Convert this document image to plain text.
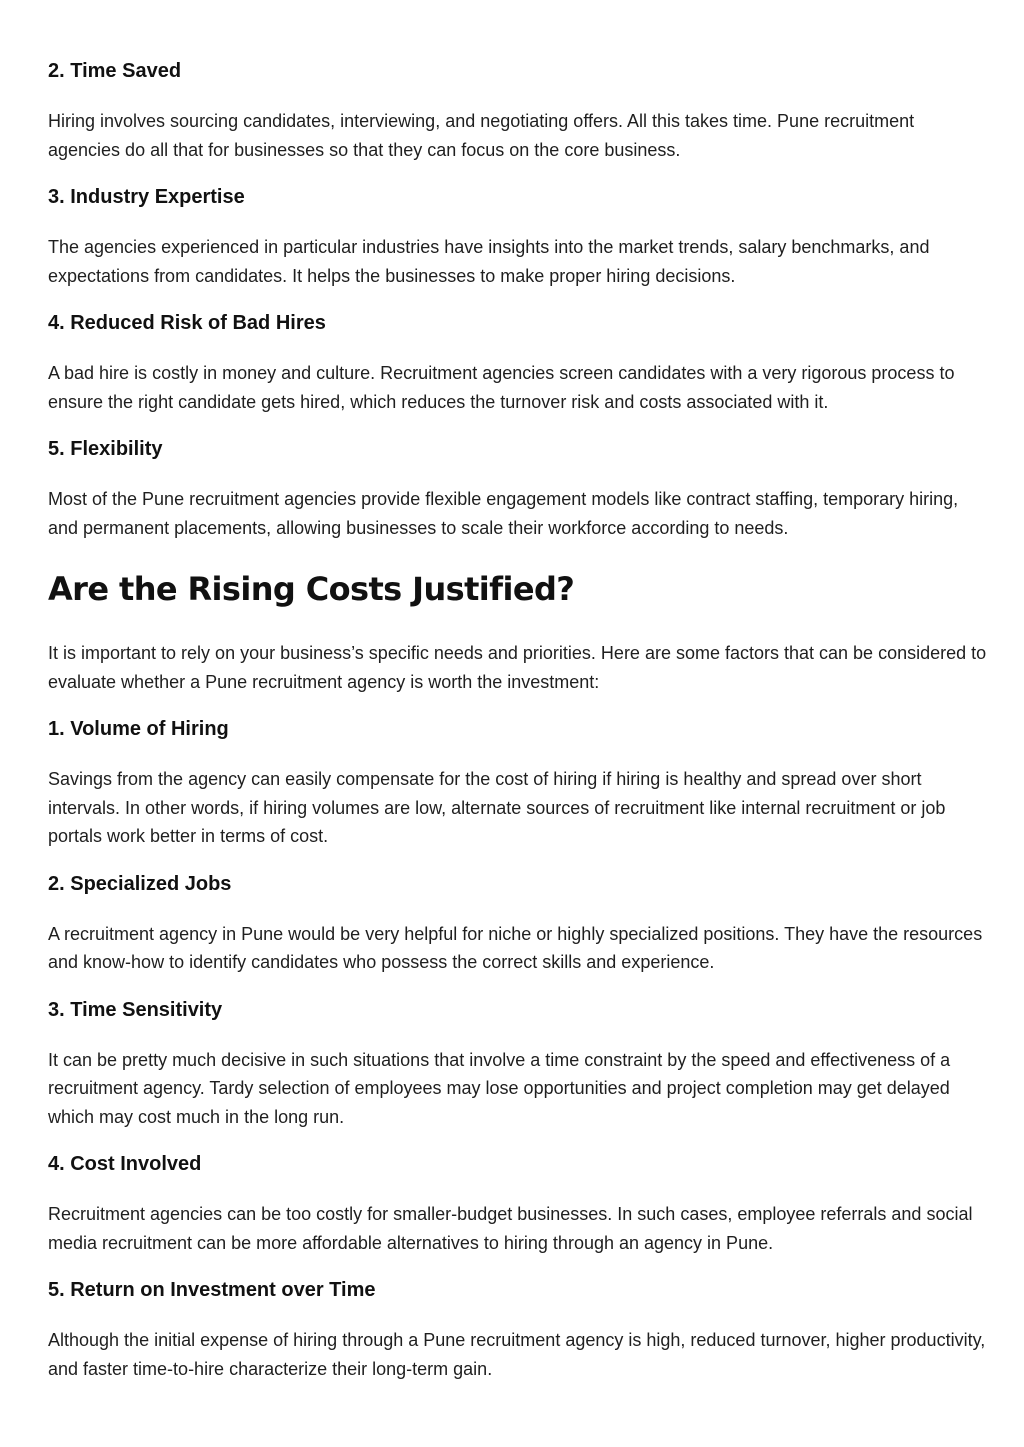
2. Time Saved

Hiring involves sourcing candidates, interviewing, and negotiating offers. All this takes time. Pune recruitment agencies do all that for businesses so that they can focus on the core business.

3. Industry Expertise

The agencies experienced in particular industries have insights into the market trends, salary benchmarks, and expectations from candidates. It helps the businesses to make proper hiring decisions.

4. Reduced Risk of Bad Hires

A bad hire is costly in money and culture. Recruitment agencies screen candidates with a very rigorous process to ensure the right candidate gets hired, which reduces the turnover risk and costs associated with it.

5. Flexibility

Most of the Pune recruitment agencies provide flexible engagement models like contract staffing, temporary hiring, and permanent placements, allowing businesses to scale their workforce according to needs.

Are the Rising Costs Justified?

It is important to rely on your business’s specific needs and priorities. Here are some factors that can be considered to evaluate whether a Pune recruitment agency is worth the investment:

1. Volume of Hiring

Savings from the agency can easily compensate for the cost of hiring if hiring is healthy and spread over short intervals. In other words, if hiring volumes are low, alternate sources of recruitment like internal recruitment or job portals work better in terms of cost.

2. Specialized Jobs

A recruitment agency in Pune would be very helpful for niche or highly specialized positions. They have the resources and know-how to identify candidates who possess the correct skills and experience.

3. Time Sensitivity

It can be pretty much decisive in such situations that involve a time constraint by the speed and effectiveness of a recruitment agency. Tardy selection of employees may lose opportunities and project completion may get delayed which may cost much in the long run.

4. Cost Involved

Recruitment agencies can be too costly for smaller-budget businesses. In such cases, employee referrals and social media recruitment can be more affordable alternatives to hiring through an agency in Pune.

5. Return on Investment over Time

Although the initial expense of hiring through a Pune recruitment agency is high, reduced turnover, higher productivity, and faster time-to-hire characterize their long-term gain.
